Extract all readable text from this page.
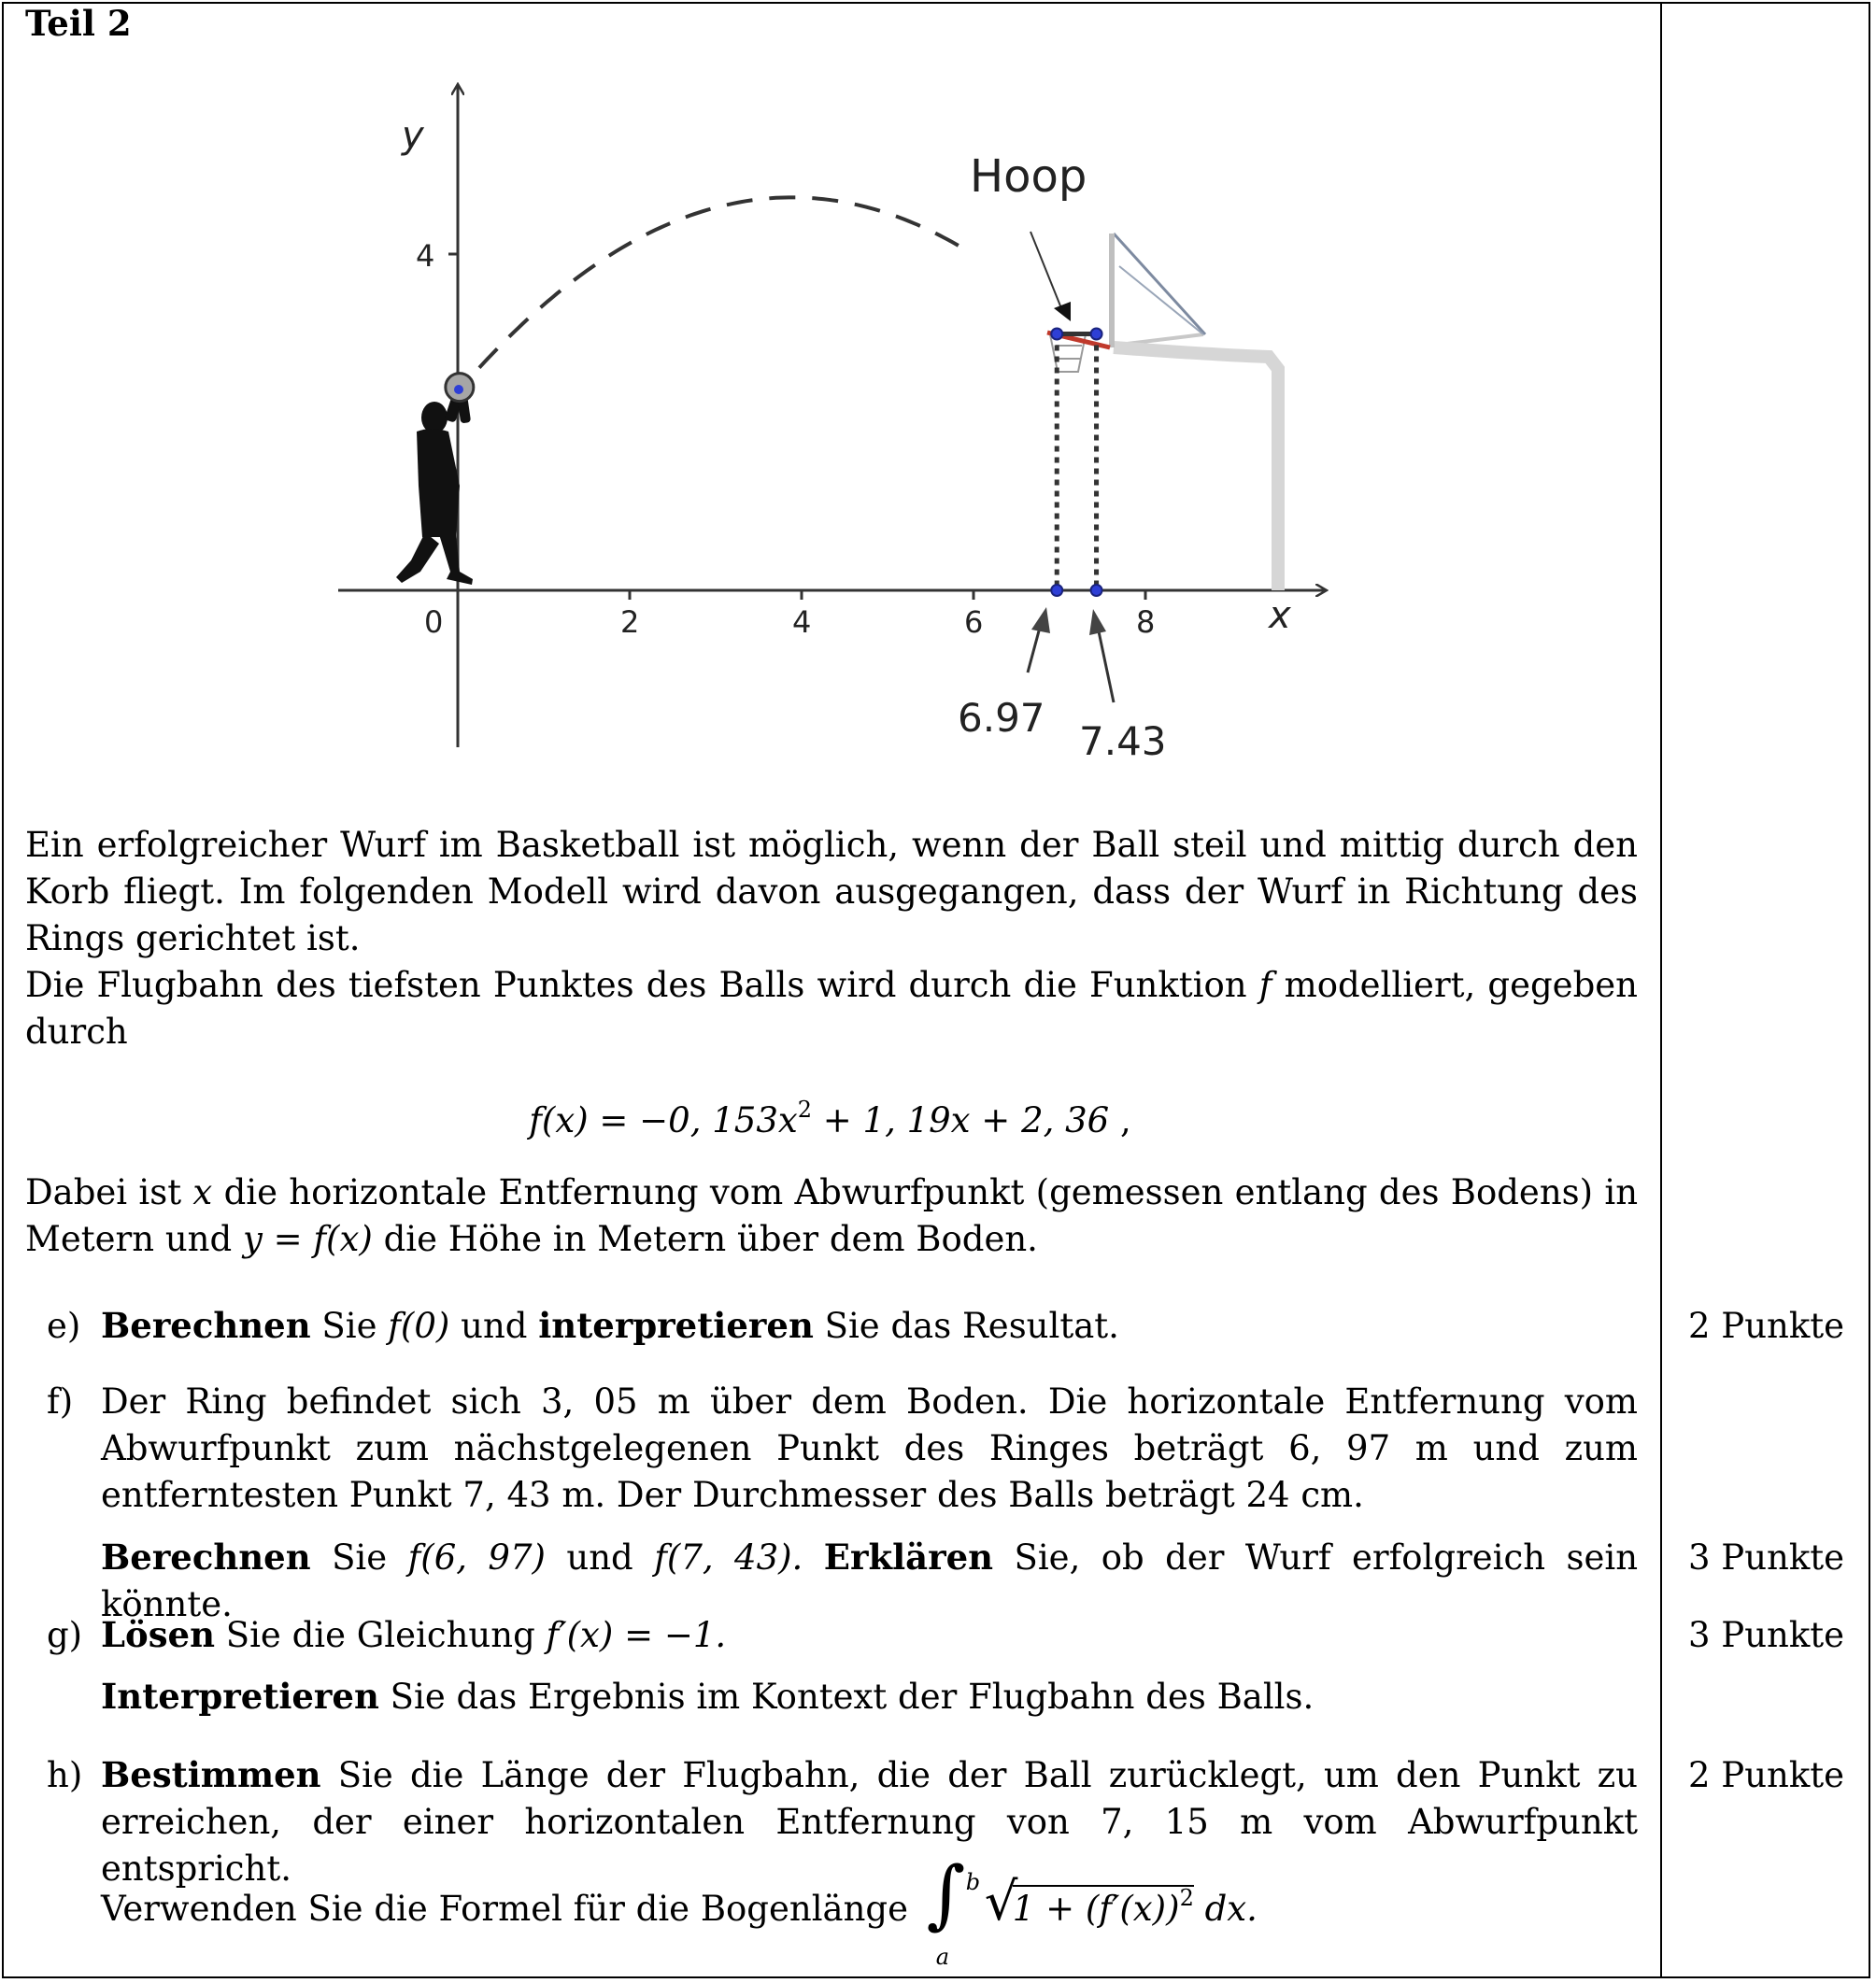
Teil 2
0	2	4	6	8
y
x
4
Hoop
6.97
7.43

Ein erfolgreicher Wurf im Basketball ist möglich, wenn der Ball steil und mittig durch den Korb fliegt. Im folgenden Modell wird davon ausgegangen, dass der Wurf in Richtung des Rings gerichtet ist.

Die Flugbahn des tiefsten Punktes des Balls wird durch die Funktion f modelliert, gegeben durch

f(x) = −0, $153x^2 + 1$, 19x + 2, 36 ,

Dabei ist x die horizontale Entfernung vom Abwurfpunkt (gemessen entlang des Bodens) in Metern und y = f(x) die Höhe in Metern über dem Boden.

e) Berechnen Sie f(0) und interpretieren Sie das Resultat.	2 Punkte
f) Der Ring befindet sich 3, 05 m über dem Boden. Die horizontale Entfernung vom Abwurfpunkt zum nächstgelegenen Punkt des Ringes beträgt 6, 97 m und zum entferntesten Punkt 7, 43 m. Der Durchmesser des Balls beträgt 24 cm.

Berechnen Sie f(6, 97) und f(7, 43). Erklären Sie, ob der Wurf erfolgreich sein könnte.

3 Punkte
g) Lösen Sie die Gleichung f′(x) = −1.

Interpretieren Sie das Ergebnis im Kontext der Flugbahn des Balls.

3 Punkte
h) Bestimmen Sie die Länge der Flugbahn, die der Ball zurücklegt, um den Punkt zu erreichen, der einer horizontalen Entfernung von 7, 15 m vom Abwurfpunkt entspricht.

Verwenden Sie die Formel für die Bogenlänge ∫ b
a
√
$1 + (f'(x))^2$ dx.

2 Punkte
